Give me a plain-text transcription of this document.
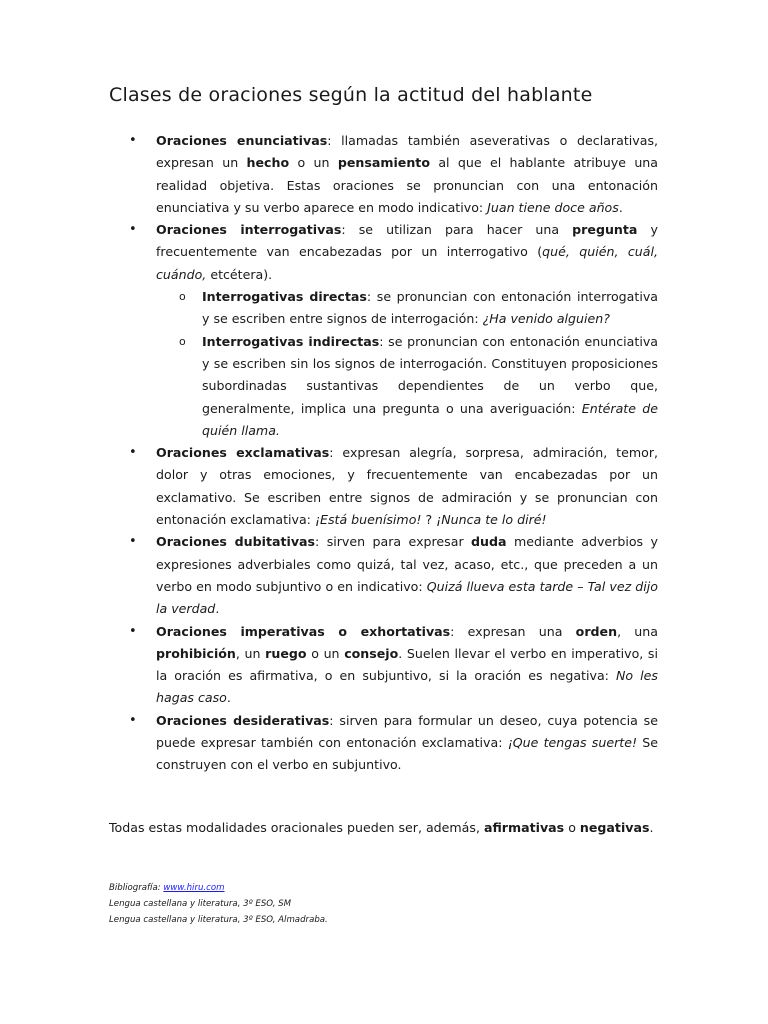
Clases de oraciones según la actitud del hablante
• Oraciones enunciativas: llamadas también aseverativas o declarativas, expresan un hecho o un pensamiento al que el hablante atribuye una realidad objetiva. Estas oraciones se pronuncian con una entonación enunciativa y su verbo aparece en modo indicativo: Juan tiene doce años.
• Oraciones interrogativas: se utilizan para hacer una pregunta y frecuentemente van encabezadas por un interrogativo (qué, quién, cuál, cuándo, etcétera).
o Interrogativas directas: se pronuncian con entonación interrogativa y se escriben entre signos de interrogación: ¿Ha venido alguien?
o Interrogativas indirectas: se pronuncian con entonación enunciativa y se escriben sin los signos de interrogación. Constituyen proposiciones subordinadas sustantivas dependientes de un verbo que, generalmente, implica una pregunta o una averiguación: Entérate de quién llama.
• Oraciones exclamativas: expresan alegría, sorpresa, admiración, temor, dolor y otras emociones, y frecuentemente van encabezadas por un exclamativo. Se escriben entre signos de admiración y se pronuncian con entonación exclamativa: ¡Está buenísimo! ? ¡Nunca te lo diré!
• Oraciones dubitativas: sirven para expresar duda mediante adverbios y expresiones adverbiales como quizá, tal vez, acaso, etc., que preceden a un verbo en modo subjuntivo o en indicativo: Quizá llueva esta tarde – Tal vez dijo la verdad.
• Oraciones imperativas o exhortativas: expresan una orden, una prohibición, un ruego o un consejo. Suelen llevar el verbo en imperativo, si la oración es afirmativa, o en subjuntivo, si la oración es negativa: No les hagas caso.
• Oraciones desiderativas: sirven para formular un deseo, cuya potencia se puede expresar también con entonación exclamativa: ¡Que tengas suerte! Se construyen con el verbo en subjuntivo.

Todas estas modalidades oracionales pueden ser, además, afirmativas o negativas.

Bibliografía: www.hiru.com
Lengua castellana y literatura, 3º ESO, SM
Lengua castellana y literatura, 3º ESO, Almadraba.
